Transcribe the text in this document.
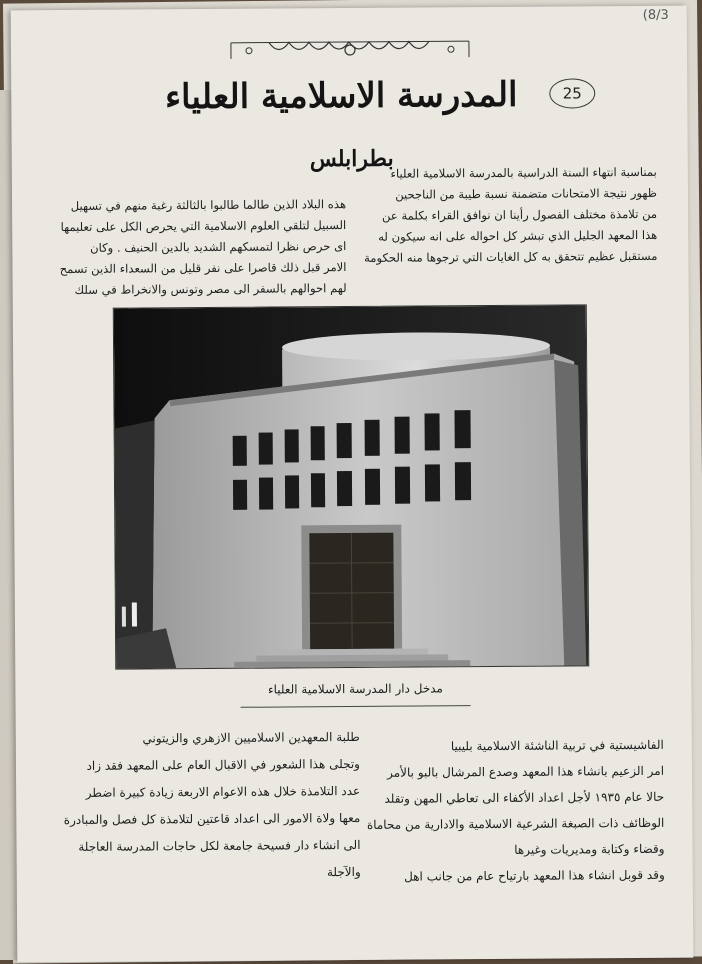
(8/3
25
المدرسة الاسلامية العلياء
بطرابلس

بمناسبة انتهاء السنة الدراسية بالمدرسة الاسلامية العلياء

ظهور نتيجة الامتحانات متضمنة نسبة طيبة من الناجحين

من تلامذة مختلف الفصول رأينا ان نوافق القراء بكلمة عن

هذا المعهد الجليل الذي تبشر كل احواله على انه سيكون له

مستقبل عظيم تتحقق به كل الغايات التي ترجوها منه الحكومة

هذه البلاد الذين طالما طالبوا بالثالثة رغبة منهم في تسهيل

السبيل لتلقي العلوم الاسلامية التي يحرص الكل على تعليمها

اى حرص نظرا لتمسكهم الشديد بالدين الحنيف . وكان

الامر قبل ذلك قاصرا على نفر قليل من السعداء الذين تسمح

لهم احوالهم بالسفر الى مصر وتونس والانخراط في سلك

مدخل دار المدرسة الاسلامية العلياء

الفاشيستية في تربية الناشئة الاسلامية بليبيا

امر الزعيم بانشاء هذا المعهد وصدع المرشال بالبو بالأمر

حالا عام ١٩٣٥ لأجل اعداد الأكفاء الى تعاطي المهن وتقلد

الوظائف ذات الصبغة الشرعية الاسلامية والادارية من محاماة

وقضاء وكتابة ومديريات وغيرها

وقد قوبل انشاء هذا المعهد بارتياح عام من جانب اهل

طلبة المعهدين الاسلاميين الازهري والزيتوني

وتجلى هذا الشعور في الاقبال العام على المعهد فقد زاد

عدد التلامذة خلال هذه الاعوام الاربعة زيادة كبيرة اضطر

معها ولاة الامور الى اعداد قاعتين لتلامذة كل فصل والمبادرة

الى انشاء دار فسيحة جامعة لكل حاجات المدرسة العاجلة

والآجلة
